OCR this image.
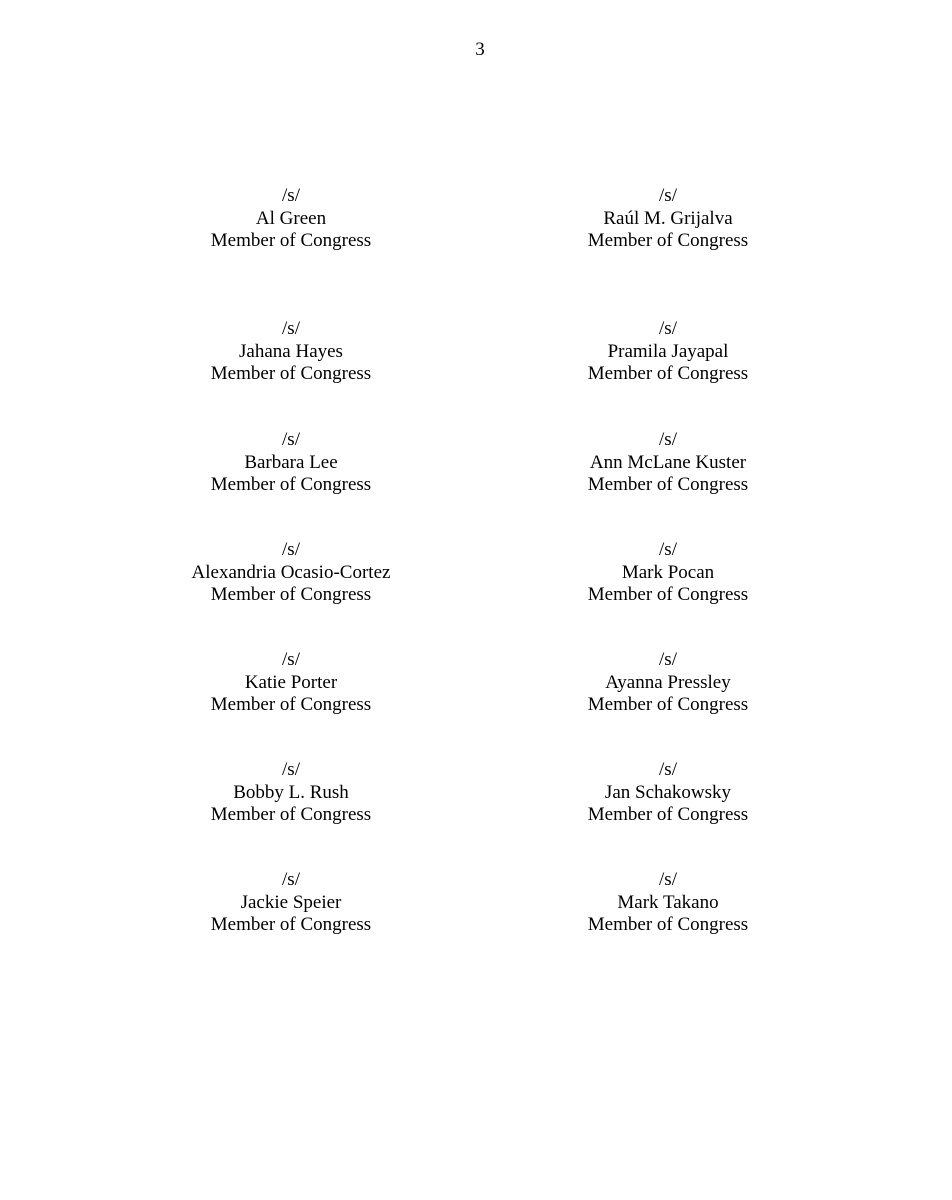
3
/s/
Al Green
Member of Congress
/s/
Raúl M. Grijalva
Member of Congress
/s/
Jahana Hayes
Member of Congress
/s/
Pramila Jayapal
Member of Congress
/s/
Barbara Lee
Member of Congress
/s/
Ann McLane Kuster
Member of Congress
/s/
Alexandria Ocasio-Cortez
Member of Congress
/s/
Mark Pocan
Member of Congress
/s/
Katie Porter
Member of Congress
/s/
Ayanna Pressley
Member of Congress
/s/
Bobby L. Rush
Member of Congress
/s/
Jan Schakowsky
Member of Congress
/s/
Jackie Speier
Member of Congress
/s/
Mark Takano
Member of Congress
